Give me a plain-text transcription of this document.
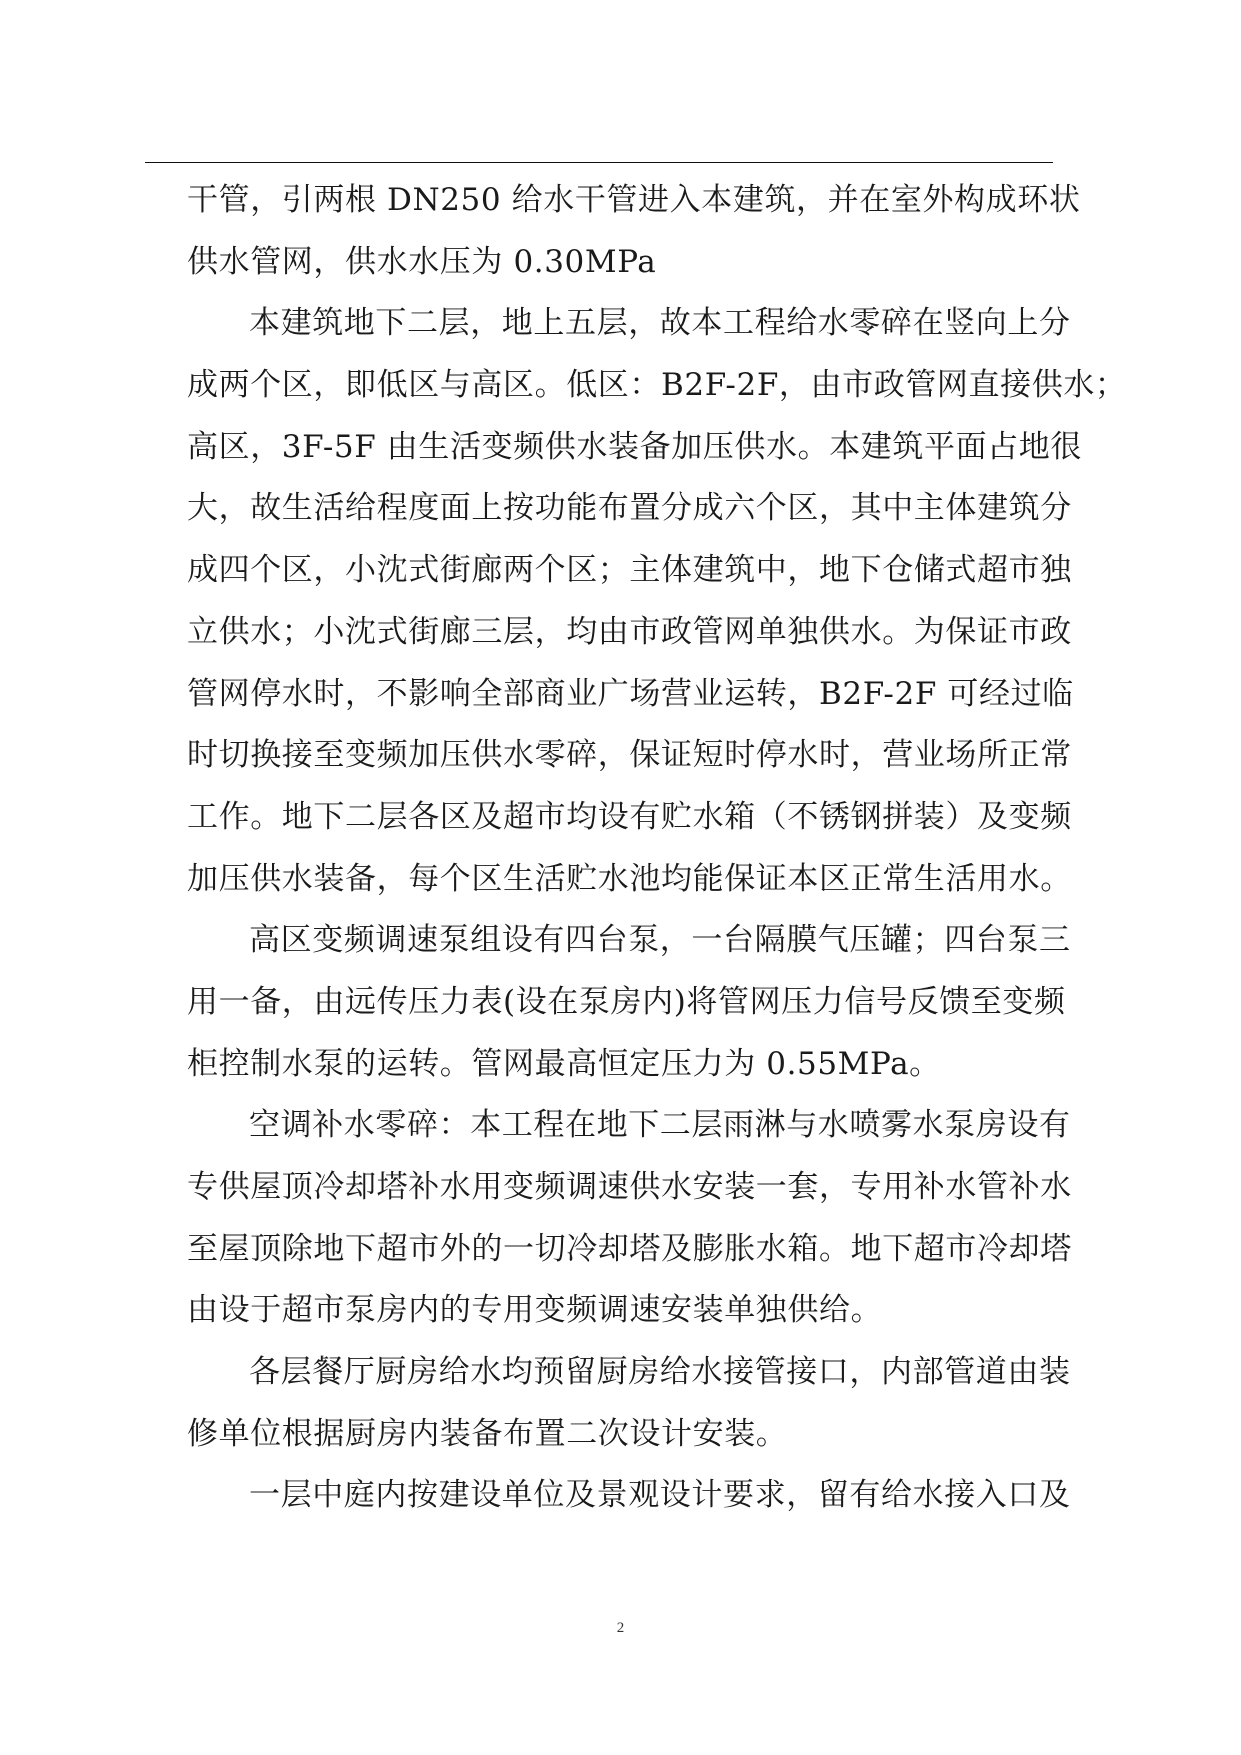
干管，引两根 DN250 给水干管进入本建筑，并在室外构成环状
供水管网，供水水压为 0.30MPa
本建筑地下二层，地上五层，故本工程给水零碎在竖向上分
成两个区，即低区与高区。低区：B2F-2F，由市政管网直接供水；
高区，3F-5F 由生活变频供水装备加压供水。本建筑平面占地很
大，故生活给程度面上按功能布置分成六个区，其中主体建筑分
成四个区，小沈式街廊两个区；主体建筑中，地下仓储式超市独
立供水；小沈式街廊三层，均由市政管网单独供水。为保证市政
管网停水时，不影响全部商业广场营业运转，B2F-2F 可经过临
时切换接至变频加压供水零碎，保证短时停水时，营业场所正常
工作。地下二层各区及超市均设有贮水箱（不锈钢拼装）及变频
加压供水装备，每个区生活贮水池均能保证本区正常生活用水。
高区变频调速泵组设有四台泵，一台隔膜气压罐；四台泵三
用一备，由远传压力表(设在泵房内)将管网压力信号反馈至变频
柜控制水泵的运转。管网最高恒定压力为 0.55MPa。
空调补水零碎：本工程在地下二层雨淋与水喷雾水泵房设有
专供屋顶冷却塔补水用变频调速供水安装一套，专用补水管补水
至屋顶除地下超市外的一切冷却塔及膨胀水箱。地下超市冷却塔
由设于超市泵房内的专用变频调速安装单独供给。
各层餐厅厨房给水均预留厨房给水接管接口，内部管道由装
修单位根据厨房内装备布置二次设计安装。
一层中庭内按建设单位及景观设计要求，留有给水接入口及
2
